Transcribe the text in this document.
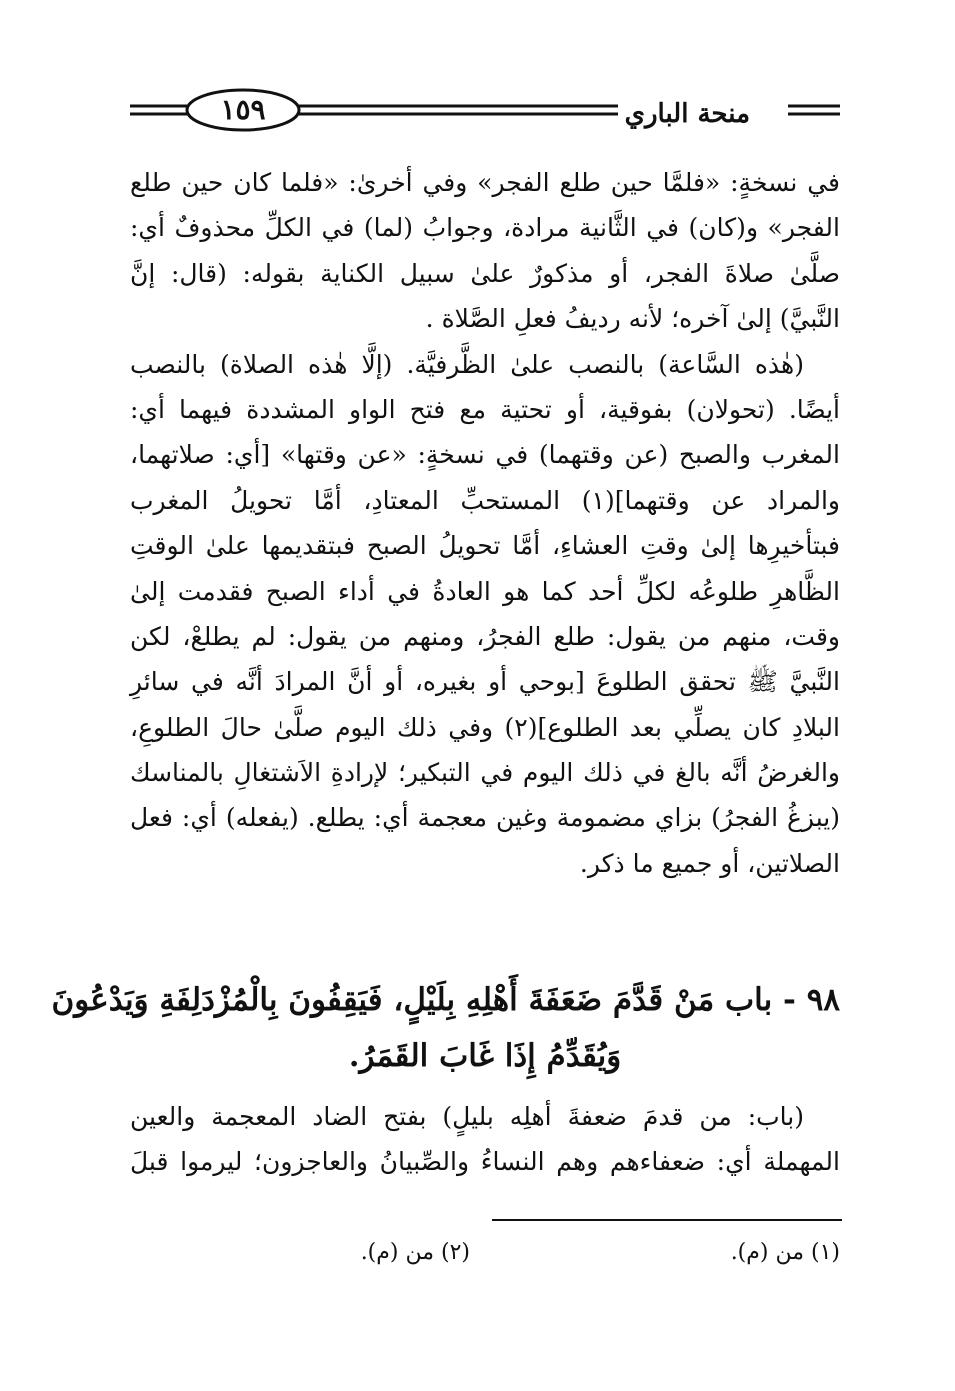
١٥٩	منحة الباري
في نسخةٍ: «فلمَّا حين طلع الفجر» وفي أخرىٰ: «فلما كان حين طلع
الفجر» و(كان) في الثَّانية مرادة، وجوابُ (لما) في الكلِّ محذوفٌ أي:
صلَّىٰ صلاةَ الفجر، أو مذكورٌ علىٰ سبيل الكناية بقوله: (قال: إنَّ
النَّبيَّ) إلىٰ آخره؛ لأنه رديفُ فعلِ الصَّلاة .
(هٰذه السَّاعة) بالنصب علىٰ الظَّرفيَّة. (إلَّا هٰذه الصلاة) بالنصب
أيضًا. (تحولان) بفوقية، أو تحتية مع فتح الواو المشددة فيهما أي:
المغرب والصبح (عن وقتهما) في نسخةٍ: «عن وقتها» [أي: صلاتهما،
والمراد عن وقتهما](١) المستحبِّ المعتادِ، أمَّا تحويلُ المغرب
فبتأخيرِها إلىٰ وقتِ العشاءِ، أمَّا تحويلُ الصبح فبتقديمها علىٰ الوقتِ
الظَّاهرِ طلوعُه لكلِّ أحد كما هو العادةُ في أداء الصبح فقدمت إلىٰ
وقت، منهم من يقول: طلع الفجرُ، ومنهم من يقول: لم يطلعْ، لكن
النَّبيَّ ﷺ تحقق الطلوعَ [بوحي أو بغيره، أو أنَّ المرادَ أنَّه في سائرِ
البلادِ كان يصلِّي بعد الطلوع](٢) وفي ذلك اليوم صلَّىٰ حالَ الطلوعِ،
والغرضُ أنَّه بالغ في ذلك اليوم في التبكير؛ لإرادةِ الاَشتغالِ بالمناسك
(يبزغُ الفجرُ) بزاي مضمومة وغين معجمة أي: يطلع. (يفعله) أي: فعل
الصلاتين، أو جميع ما ذكر.
٩٨ - باب مَنْ قَدَّمَ ضَعَفَةَ أَهْلِهِ بِلَيْلٍ، فَيَقِفُونَ بِالْمُزْدَلِفَةِ وَيَدْعُونَ
وَيُقَدِّمُ إِذَا غَابَ القَمَرُ.
(باب: من قدمَ ضعفةَ أهلِه بليلٍ) بفتح الضاد المعجمة والعين
المهملة أي: ضعفاءهم وهم النساءُ والصِّبيانُ والعاجزون؛ ليرموا قبلَ
(١) من (م).
(٢) من (م).
